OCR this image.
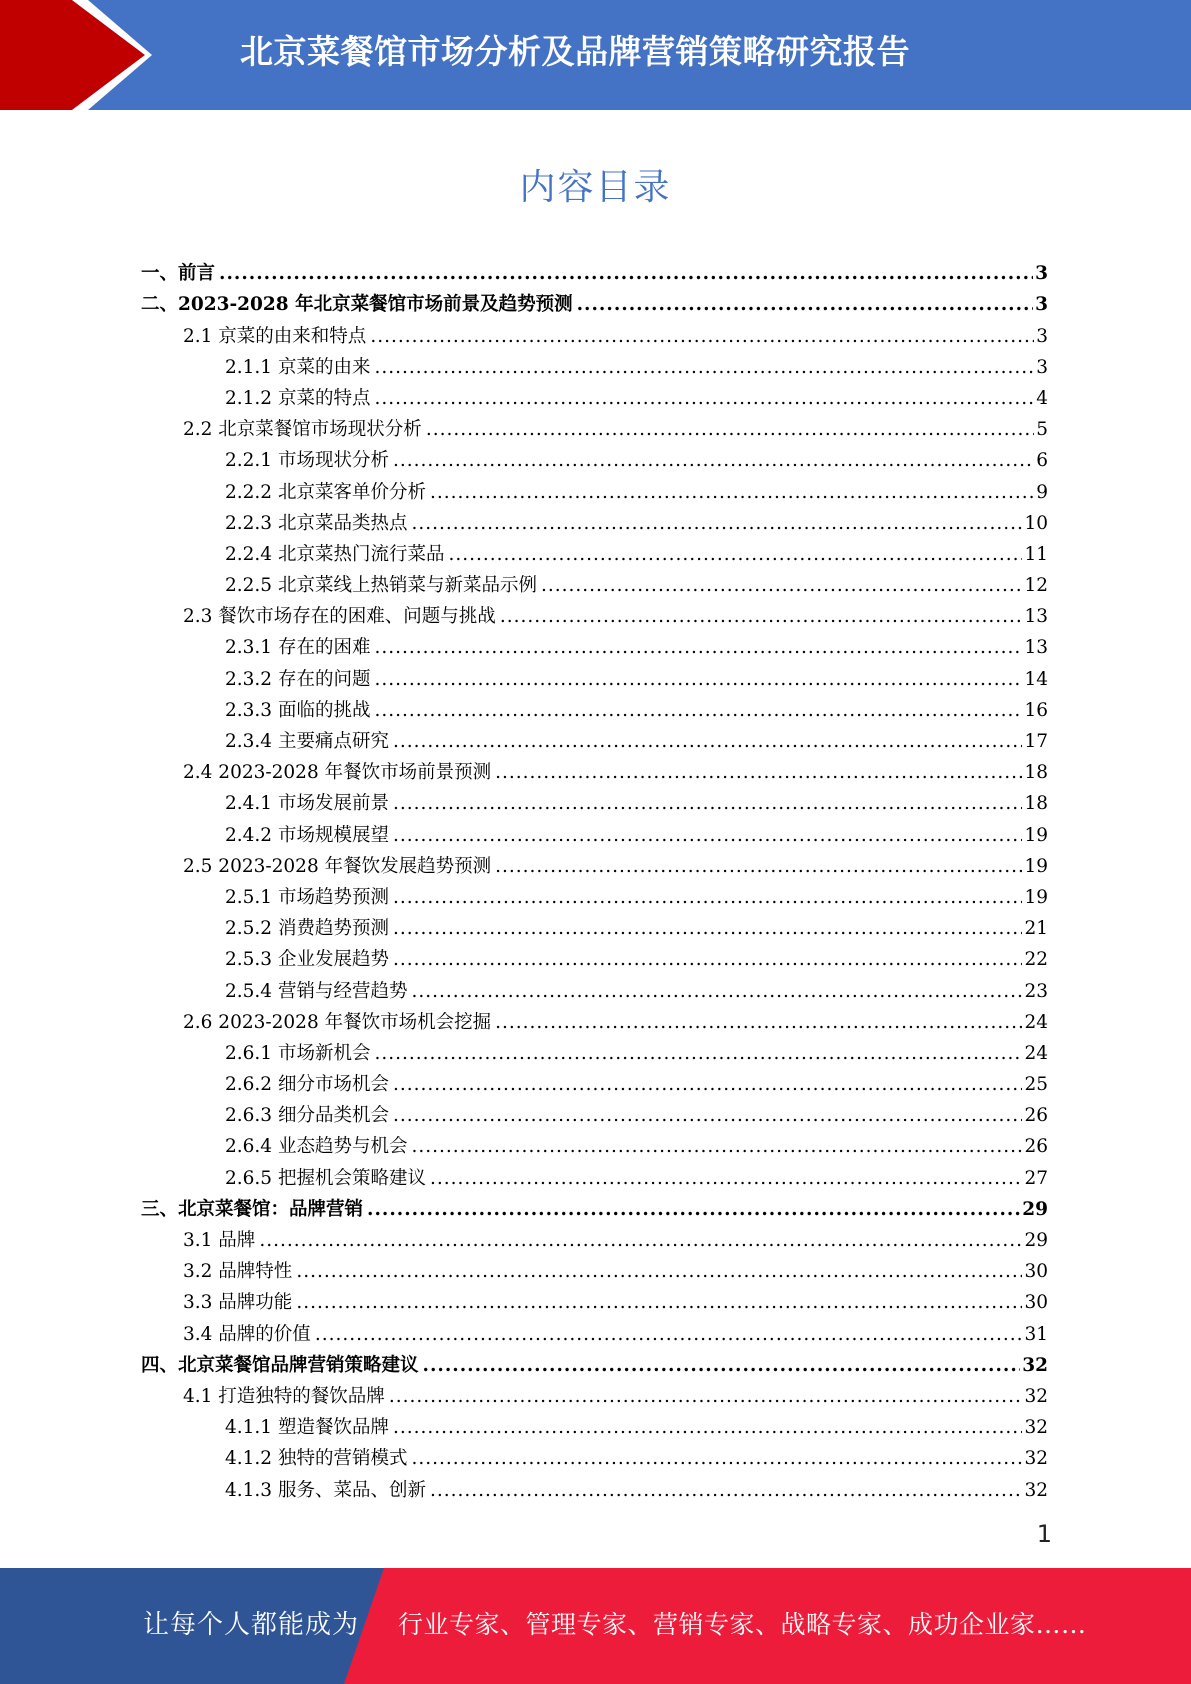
北京菜餐馆市场分析及品牌营销策略研究报告
内容目录
一、前言 .....	3
二、2023-2028 年北京菜餐馆市场前景及趋势预测 .....	3
2.1 京菜的由来和特点 .....	3
2.1.1 京菜的由来 .....	3
2.1.2 京菜的特点 .....	4
2.2 北京菜餐馆市场现状分析 .....	5
2.2.1 市场现状分析 .....	6
2.2.2 北京菜客单价分析 .....	9
2.2.3 北京菜品类热点 .....	10
2.2.4 北京菜热门流行菜品 .....	11
2.2.5 北京菜线上热销菜与新菜品示例 .....	12
2.3 餐饮市场存在的困难、问题与挑战 .....	13
2.3.1 存在的困难 .....	13
2.3.2 存在的问题 .....	14
2.3.3 面临的挑战 .....	16
2.3.4 主要痛点研究 .....	17
2.4 2023-2028 年餐饮市场前景预测 .....	18
2.4.1 市场发展前景 .....	18
2.4.2 市场规模展望 .....	19
2.5 2023-2028 年餐饮发展趋势预测 .....	19
2.5.1 市场趋势预测 .....	19
2.5.2 消费趋势预测 .....	21
2.5.3 企业发展趋势 .....	22
2.5.4 营销与经营趋势 .....	23
2.6 2023-2028 年餐饮市场机会挖掘 .....	24
2.6.1 市场新机会 .....	24
2.6.2 细分市场机会 .....	25
2.6.3 细分品类机会 .....	26
2.6.4 业态趋势与机会 .....	26
2.6.5 把握机会策略建议 .....	27
三、北京菜餐馆：品牌营销 .....	29
3.1 品牌 .....	29
3.2 品牌特性 .....	30
3.3 品牌功能 .....	30
3.4 品牌的价值 .....	31
四、北京菜餐馆品牌营销策略建议 .....	32
4.1 打造独特的餐饮品牌 .....	32
4.1.1 塑造餐饮品牌 .....	32
4.1.2 独特的营销模式 .....	32
4.1.3 服务、菜品、创新 .....	32
1
让每个人都能成为 行业专家、管理专家、营销专家、战略专家、成功企业家……
